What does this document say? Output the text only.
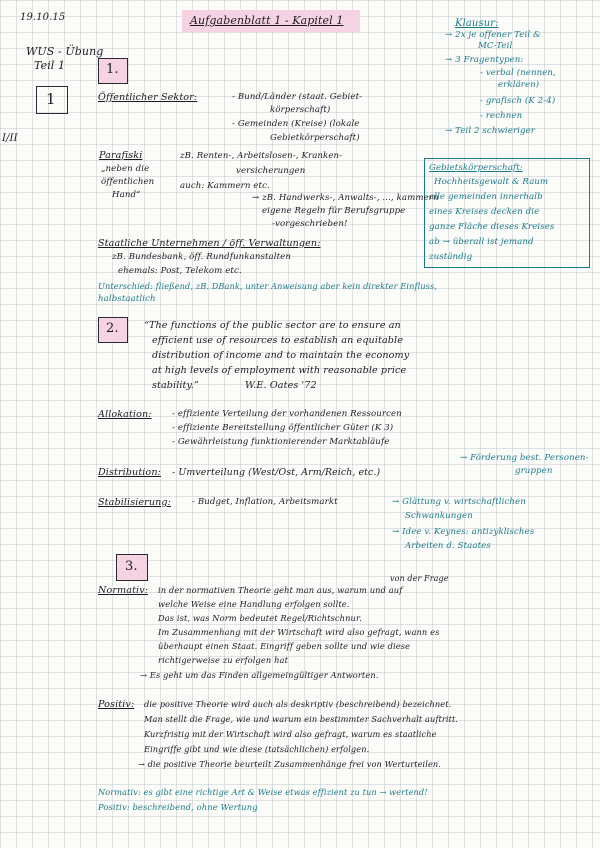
19.10.15	Aufgabenblatt 1 - Kapitel 1
WUS - Übung
Teil 1
1
I/II
Klausur:
→ 2x je offener Teil &
MC-Teil
→ 3 Fragentypen:
- verbal (nennen,
erklären)
- grafisch (K 2-4)
- rechnen
→ Teil 2 schwieriger
Gebietskörperschaft:
Hochheitsgewalt & Raum
alle gemeinden innerhalb
eines Kreises decken die
ganze Fläche dieses Kreises
ab → überall ist jemand
zuständig
1.
Öffentlicher Sektor:	- Bund/Länder (staat. Gebiet-
körperschaft)
- Gemeinden (Kreise) (lokale
Gebietkörperschaft)
Parafiski
„neben die
öffentlichen
Hand“
zB. Renten-, Arbeitslosen-, Kranken-
versicherungen
auch: Kammern etc.
→ zB. Handwerks-, Anwalts-, ..., kammern
eigene Regeln für Berufsgruppe
-vorgeschrieben!
Staatliche Unternehmen / öff. Verwaltungen:
zB. Bundesbank, öff. Rundfunkanstalten
ehemals: Post, Telekom etc.
Unterschied: fließend, zB. DBank, unter Anweisung aber kein direkter Einfluss,
halbstaatlich
2.	“The functions of the public sector are to ensure an
efficient use of resources to establish an equitable
distribution of income and to maintain the economy
at high levels of employment with reasonable price
stability.”	W.E. Oates '72
Allokation: - effiziente Verteilung der vorhandenen Ressourcen
- effiziente Bereitstellung öffentlicher Güter (K 3)
- Gewährleistung funktionierender Marktabläufe
Distribution: - Umverteilung (West/Ost, Arm/Reich, etc.)
→ Förderung best. Personen-
gruppen
Stabilisierung: - Budget, Inflation, Arbeitsmarkt	→ Glättung v. wirtschaftlichen
Schwankungen
→ Idee v. Keynes: antizyklisches
Arbeiten d. Staates
3.
von der Frage
Normativ: in der normativen Theorie geht man aus, warum und auf
welche Weise eine Handlung erfolgen sollte.
Das ist, was Norm bedeutet Regel/Richtschnur.
Im Zusammenhang mit der Wirtschaft wird also gefragt, wann es
überhaupt einen Staat. Eingriff geben sollte und wie diese
richtigerweise zu erfolgen hat
→ Es geht um das Finden allgemeingültiger Antworten.
Positiv: die positive Theorie wird auch als deskriptiv (beschreibend) bezeichnet.
Man stellt die Frage, wie und warum ein bestimmter Sachverhalt auftritt.
Kurzfristig mit der Wirtschaft wird also gefragt, warum es staatliche
Eingriffe gibt und wie diese (tatsächlichen) erfolgen.
→ die positive Theorie beurteilt Zusammenhänge frei von Werturteilen.
Normativ: es gibt eine richtige Art & Weise etwas effizient zu tun → wertend!
Positiv: beschreibend, ohne Wertung
